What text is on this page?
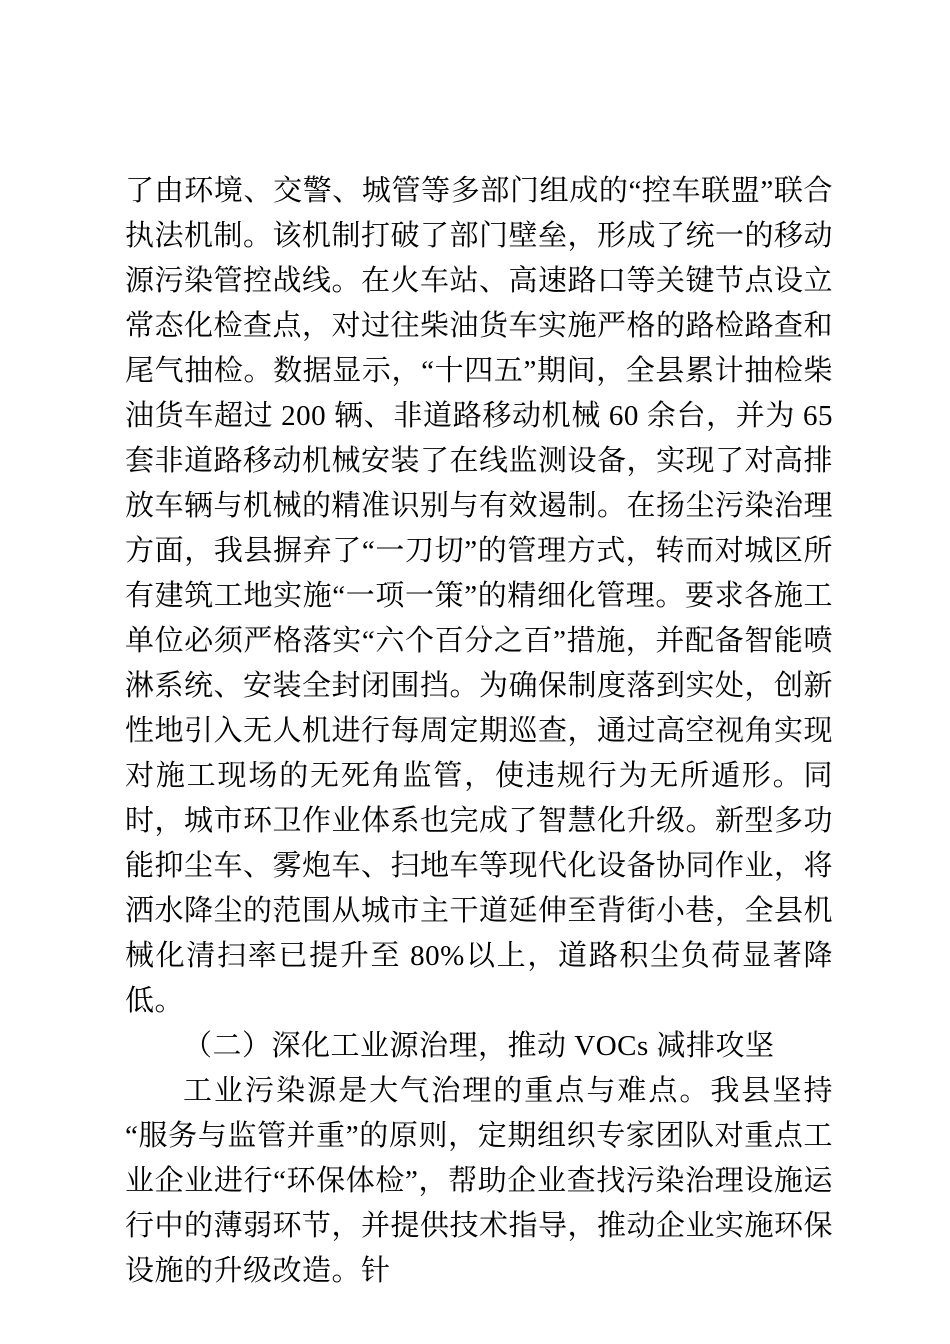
了由环境、交警、城管等多部门组成的“控车联盟”联合执法机制。该机制打破了部门壁垒，形成了统一的移动源污染管控战线。在火车站、高速路口等关键节点设立常态化检查点，对过往柴油货车实施严格的路检路查和尾气抽检。数据显示，“十四五”期间，全县累计抽检柴油货车超过 200 辆、非道路移动机械 60 余台，并为 65 套非道路移动机械安装了在线监测设备，实现了对高排放车辆与机械的精准识别与有效遏制。在扬尘污染治理方面，我县摒弃了“一刀切”的管理方式，转而对城区所有建筑工地实施“一项一策”的精细化管理。要求各施工单位必须严格落实“六个百分之百”措施，并配备智能喷淋系统、安装全封闭围挡。为确保制度落到实处，创新性地引入无人机进行每周定期巡查，通过高空视角实现对施工现场的无死角监管，使违规行为无所遁形。同时，城市环卫作业体系也完成了智慧化升级。新型多功能抑尘车、雾炮车、扫地车等现代化设备协同作业，将洒水降尘的范围从城市主干道延伸至背街小巷，全县机械化清扫率已提升至 80%以上，道路积尘负荷显著降低。

（二）深化工业源治理，推动 VOCs 减排攻坚

工业污染源是大气治理的重点与难点。我县坚持“服务与监管并重”的原则，定期组织专家团队对重点工业企业进行“环保体检”，帮助企业查找污染治理设施运行中的薄弱环节，并提供技术指导，推动企业实施环保设施的升级改造。针
